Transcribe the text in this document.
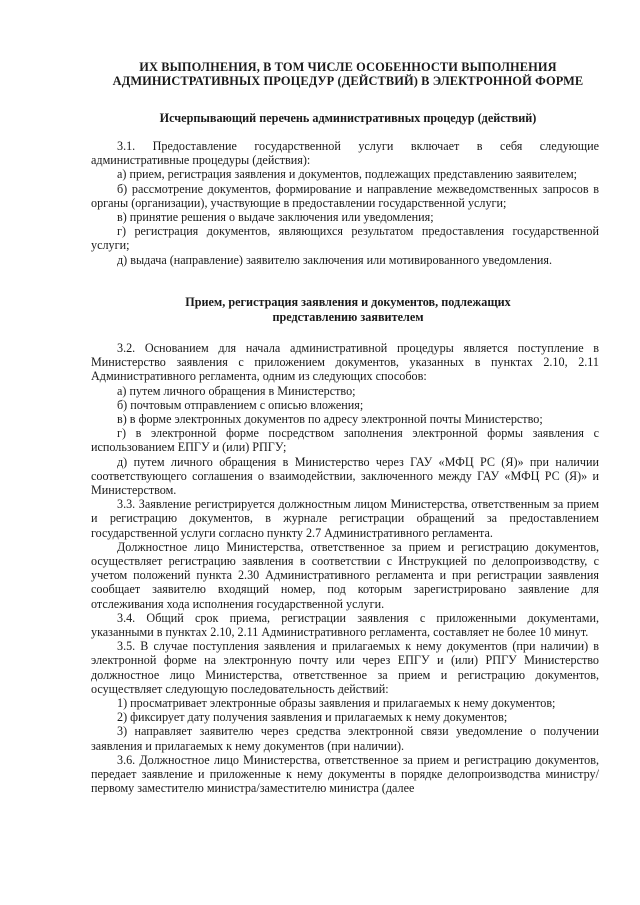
ИХ ВЫПОЛНЕНИЯ, В ТОМ ЧИСЛЕ ОСОБЕННОСТИ ВЫПОЛНЕНИЯ
АДМИНИСТРАТИВНЫХ ПРОЦЕДУР (ДЕЙСТВИЙ) В ЭЛЕКТРОННОЙ ФОРМЕ
Исчерпывающий перечень административных процедур (действий)

3.1. Предоставление государственной услуги включает в себя следующие административные процедуры (действия):

а) прием, регистрация заявления и документов, подлежащих представлению заявителем;

б) рассмотрение документов, формирование и направление межведомственных запросов в органы (организации), участвующие в предоставлении государственной услуги;

в) принятие решения о выдаче заключения или уведомления;

г) регистрация документов, являющихся результатом предоставления государственной услуги;

д) выдача (направление) заявителю заключения или мотивированного уведомления.

Прием, регистрация заявления и документов, подлежащих
представлению заявителем

3.2. Основанием для начала административной процедуры является поступление в Министерство заявления с приложением документов, указанных в пунктах 2.10, 2.11 Административного регламента, одним из следующих способов:

а) путем личного обращения в Министерство;

б) почтовым отправлением с описью вложения;

в) в форме электронных документов по адресу электронной почты Министерство;

г) в электронной форме посредством заполнения электронной формы заявления с использованием ЕПГУ и (или) РПГУ;

д) путем личного обращения в Министерство через ГАУ «МФЦ РС (Я)» при наличии соответствующего соглашения о взаимодействии, заключенного между ГАУ «МФЦ РС (Я)» и Министерством.

3.3. Заявление регистрируется должностным лицом Министерства, ответственным за прием и регистрацию документов, в журнале регистрации обращений за предоставлением государственной услуги согласно пункту 2.7 Административного регламента.

Должностное лицо Министерства, ответственное за прием и регистрацию документов, осуществляет регистрацию заявления в соответствии с Инструкцией по делопроизводству, с учетом положений пункта 2.30 Административного регламента и при регистрации заявления сообщает заявителю входящий номер, под которым зарегистрировано заявление для отслеживания хода исполнения государственной услуги.

3.4. Общий срок приема, регистрации заявления с приложенными документами, указанными в пунктах 2.10, 2.11 Административного регламента, составляет не более 10 минут.

3.5. В случае поступления заявления и прилагаемых к нему документов (при наличии) в электронной форме на электронную почту или через ЕПГУ и (или) РПГУ Министерство должностное лицо Министерства, ответственное за прием и регистрацию документов, осуществляет следующую последовательность действий:

1) просматривает электронные образы заявления и прилагаемых к нему документов;

2) фиксирует дату получения заявления и прилагаемых к нему документов;

3) направляет заявителю через средства электронной связи уведомление о получении заявления и прилагаемых к нему документов (при наличии).

3.6. Должностное лицо Министерства, ответственное за прием и регистрацию документов, передает заявление и приложенные к нему документы в порядке делопроизводства министру/первому заместителю министра/заместителю министра (далее
